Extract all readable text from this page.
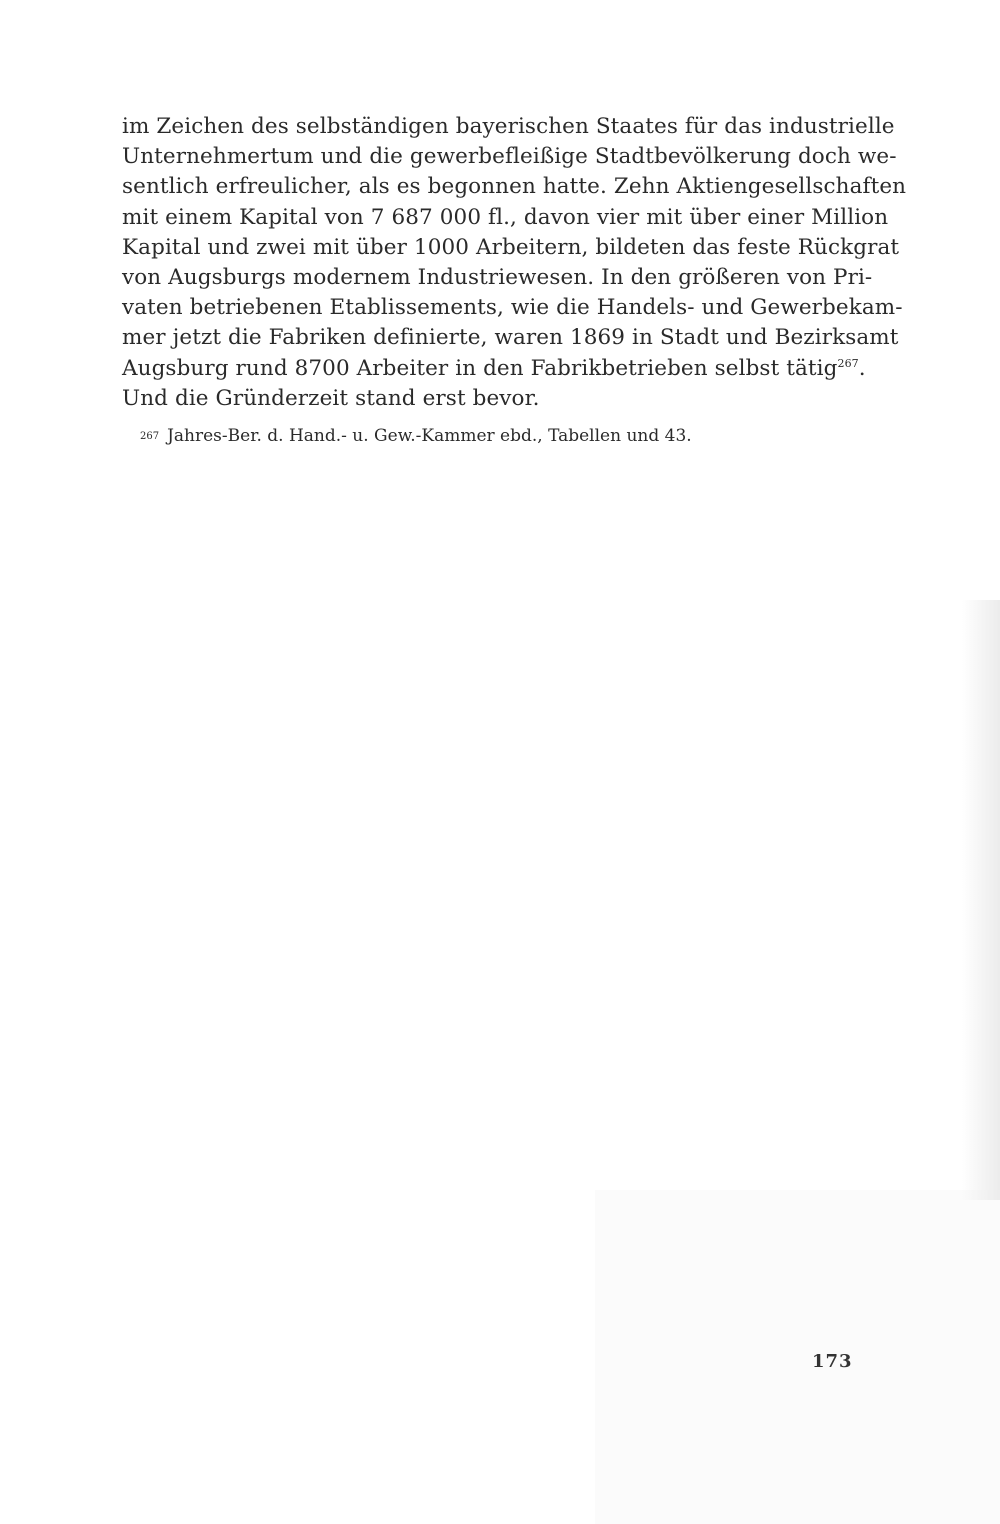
im Zeichen des selbständigen bayerischen Staates für das industrielle
Unternehmertum und die gewerbefleißige Stadtbevölkerung doch we-
sentlich erfreulicher, als es begonnen hatte. Zehn Aktiengesellschaften
mit einem Kapital von 7 687 000 fl., davon vier mit über einer Million
Kapital und zwei mit über 1000 Arbeitern, bildeten das feste Rückgrat
von Augsburgs modernem Industriewesen. In den größeren von Pri-
vaten betriebenen Etablissements, wie die Handels- und Gewerbekam-
mer jetzt die Fabriken definierte, waren 1869 in Stadt und Bezirksamt
Augsburg rund 8700 Arbeiter in den Fabrikbetrieben selbst tätig$^{267}$.
Und die Gründerzeit stand erst bevor.

$^{267}$ Jahres-Ber. d. Hand.- u. Gew.-Kammer ebd., Tabellen und 43.

173
